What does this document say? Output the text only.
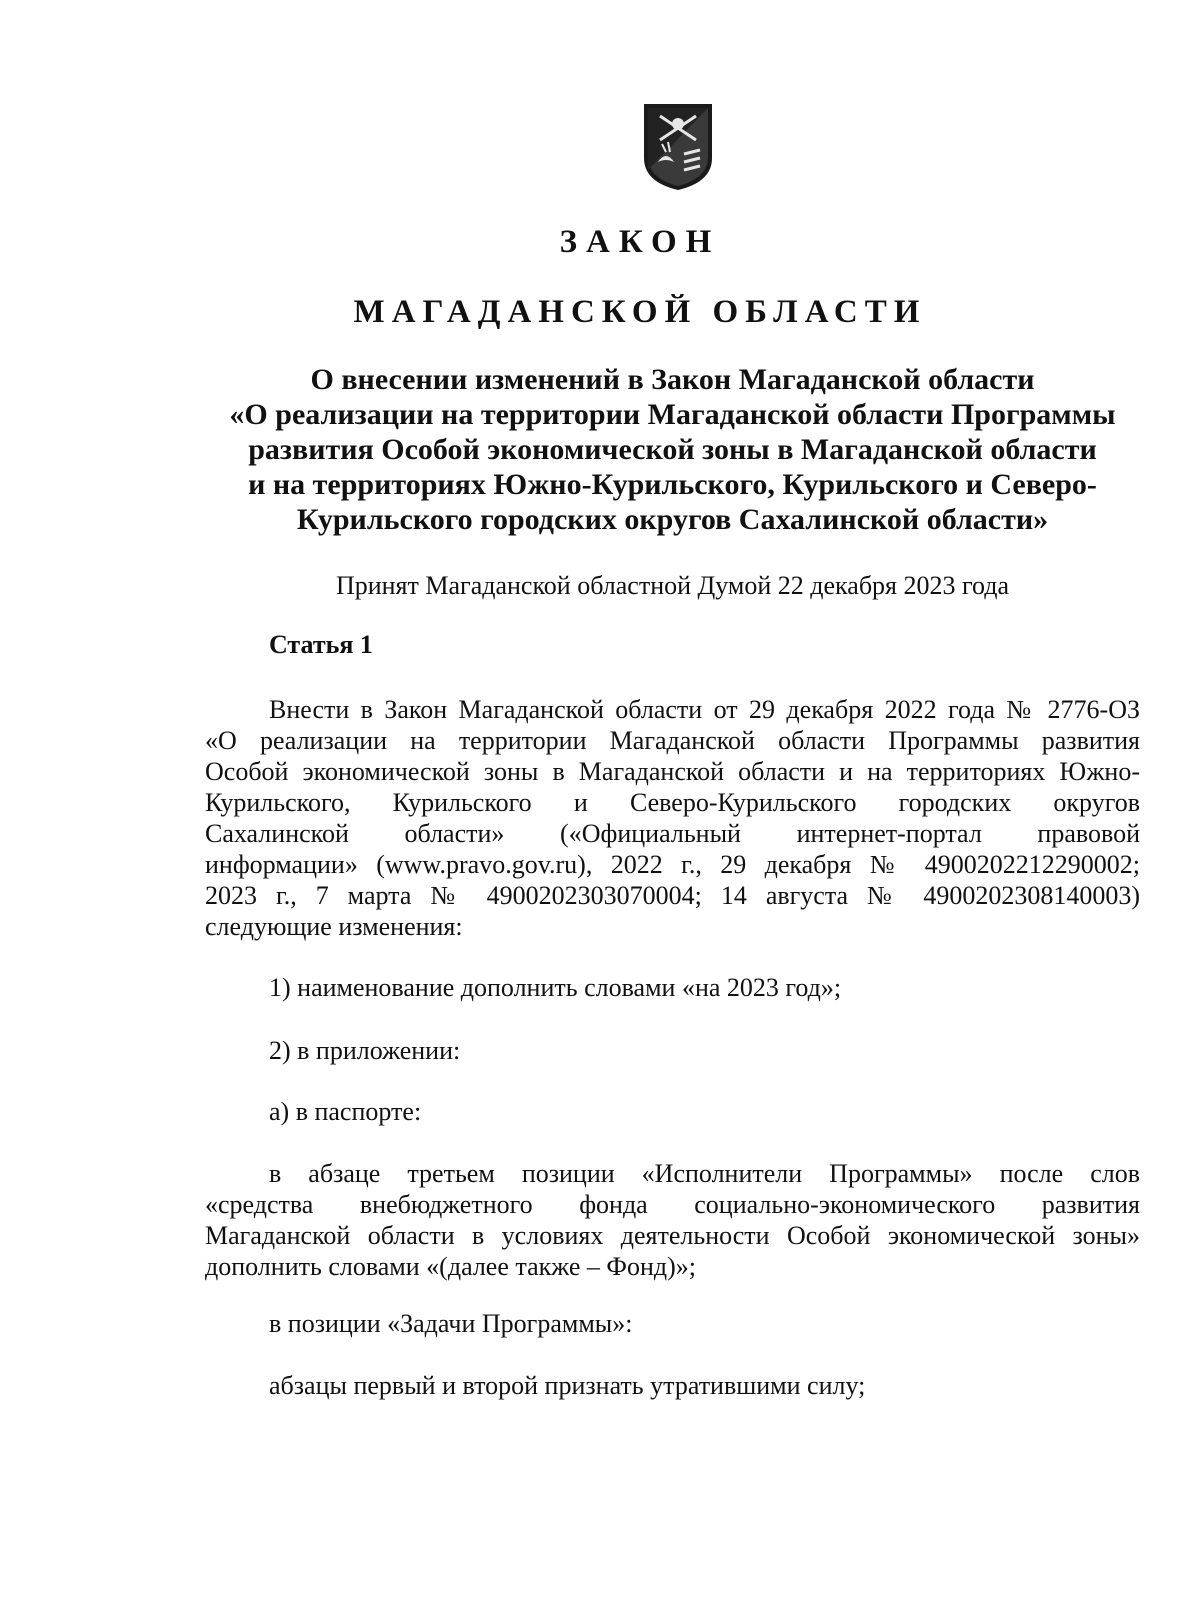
ЗАКОН
МАГАДАНСКОЙ ОБЛАСТИ
О внесении изменений в Закон Магаданской области
«О реализации на территории Магаданской области Программы
развития Особой экономической зоны в Магаданской области
и на территориях Южно-Курильского, Курильского и Северо-
Курильского городских округов Сахалинской области»
Принят Магаданской областной Думой 22 декабря 2023 года
Статья 1
Внести в Закон Магаданской области от 29 декабря 2022 года № 2776-ОЗ
«О реализации на территории Магаданской области Программы развития
Особой экономической зоны в Магаданской области и на территориях Южно-
Курильского, Курильского и Северо-Курильского городских округов
Сахалинской области» («Официальный интернет-портал правовой
информации» (www.pravo.gov.ru), 2022 г., 29 декабря № 4900202212290002;
2023 г., 7 марта № 4900202303070004; 14 августа № 4900202308140003)
следующие изменения:
1) наименование дополнить словами «на 2023 год»;
2) в приложении:
а) в паспорте:
в абзаце третьем позиции «Исполнители Программы» после слов
«средства внебюджетного фонда социально-экономического развития
Магаданской области в условиях деятельности Особой экономической зоны»
дополнить словами «(далее также – Фонд)»;
в позиции «Задачи Программы»:
абзацы первый и второй признать утратившими силу;
